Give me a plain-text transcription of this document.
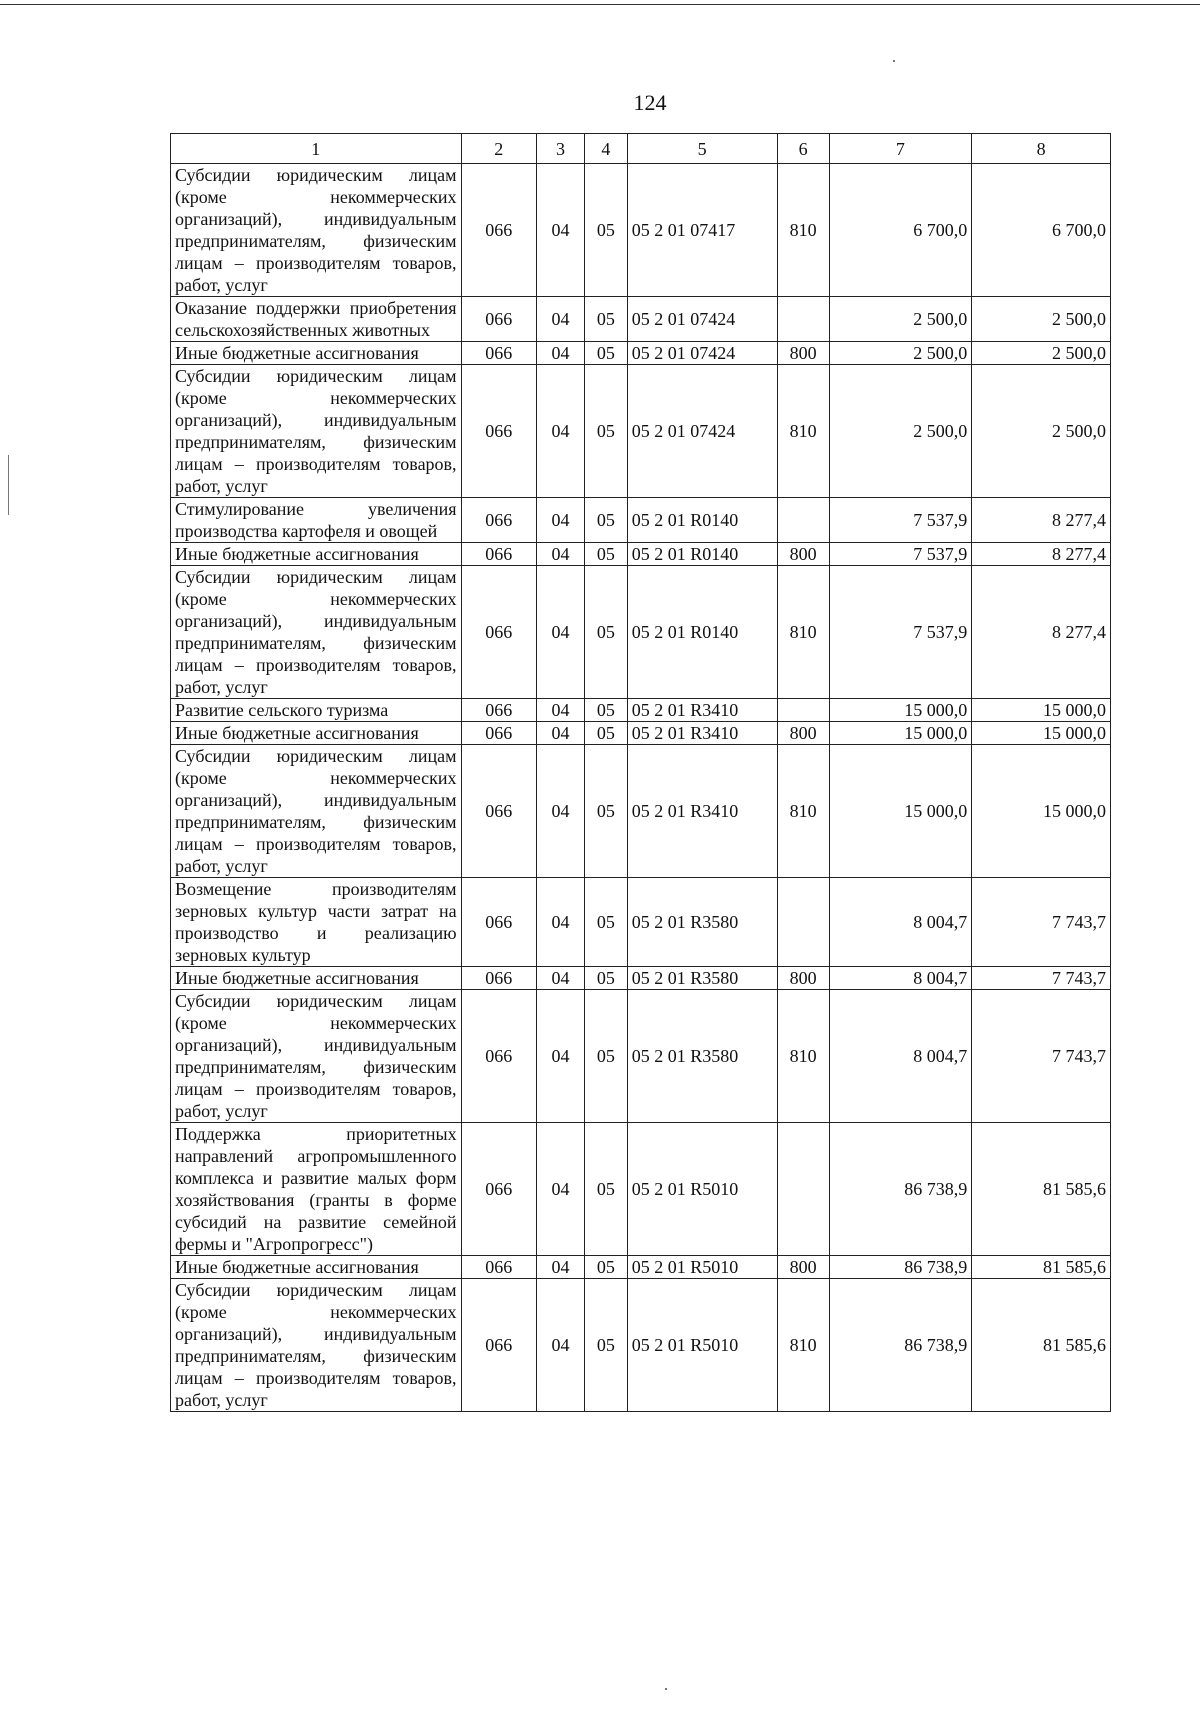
124
1	2	3	4	5	6	7	8
Субсидии юридическим лицам (кроме некоммерческих организаций), индивидуальным предпринимателям, физическим лицам – производителям товаров, работ, услуг	066	04	05	05 2 01 07417	810	6 700,0	6 700,0
Оказание поддержки приобретения сельскохозяйственных животных	066	04	05	05 2 01 07424		2 500,0	2 500,0
Иные бюджетные ассигнования	066	04	05	05 2 01 07424	800	2 500,0	2 500,0
Субсидии юридическим лицам (кроме некоммерческих организаций), индивидуальным предпринимателям, физическим лицам – производителям товаров, работ, услуг	066	04	05	05 2 01 07424	810	2 500,0	2 500,0
Стимулирование увеличения производства картофеля и овощей	066	04	05	05 2 01 R0140		7 537,9	8 277,4
Иные бюджетные ассигнования	066	04	05	05 2 01 R0140	800	7 537,9	8 277,4
Субсидии юридическим лицам (кроме некоммерческих организаций), индивидуальным предпринимателям, физическим лицам – производителям товаров, работ, услуг	066	04	05	05 2 01 R0140	810	7 537,9	8 277,4
Развитие сельского туризма	066	04	05	05 2 01 R3410		15 000,0	15 000,0
Иные бюджетные ассигнования	066	04	05	05 2 01 R3410	800	15 000,0	15 000,0
Субсидии юридическим лицам (кроме некоммерческих организаций), индивидуальным предпринимателям, физическим лицам – производителям товаров, работ, услуг	066	04	05	05 2 01 R3410	810	15 000,0	15 000,0
Возмещение производителям зерновых культур части затрат на производство и реализацию зерновых культур	066	04	05	05 2 01 R3580		8 004,7	7 743,7
Иные бюджетные ассигнования	066	04	05	05 2 01 R3580	800	8 004,7	7 743,7
Субсидии юридическим лицам (кроме некоммерческих организаций), индивидуальным предпринимателям, физическим лицам – производителям товаров, работ, услуг	066	04	05	05 2 01 R3580	810	8 004,7	7 743,7
Поддержка приоритетных направлений агропромышленного комплекса и развитие малых форм хозяйствования (гранты в форме субсидий на развитие семейной фермы и "Агропрогресс")	066	04	05	05 2 01 R5010		86 738,9	81 585,6
Иные бюджетные ассигнования	066	04	05	05 2 01 R5010	800	86 738,9	81 585,6
Субсидии юридическим лицам (кроме некоммерческих организаций), индивидуальным предпринимателям, физическим лицам – производителям товаров, работ, услуг	066	04	05	05 2 01 R5010	810	86 738,9	81 585,6
